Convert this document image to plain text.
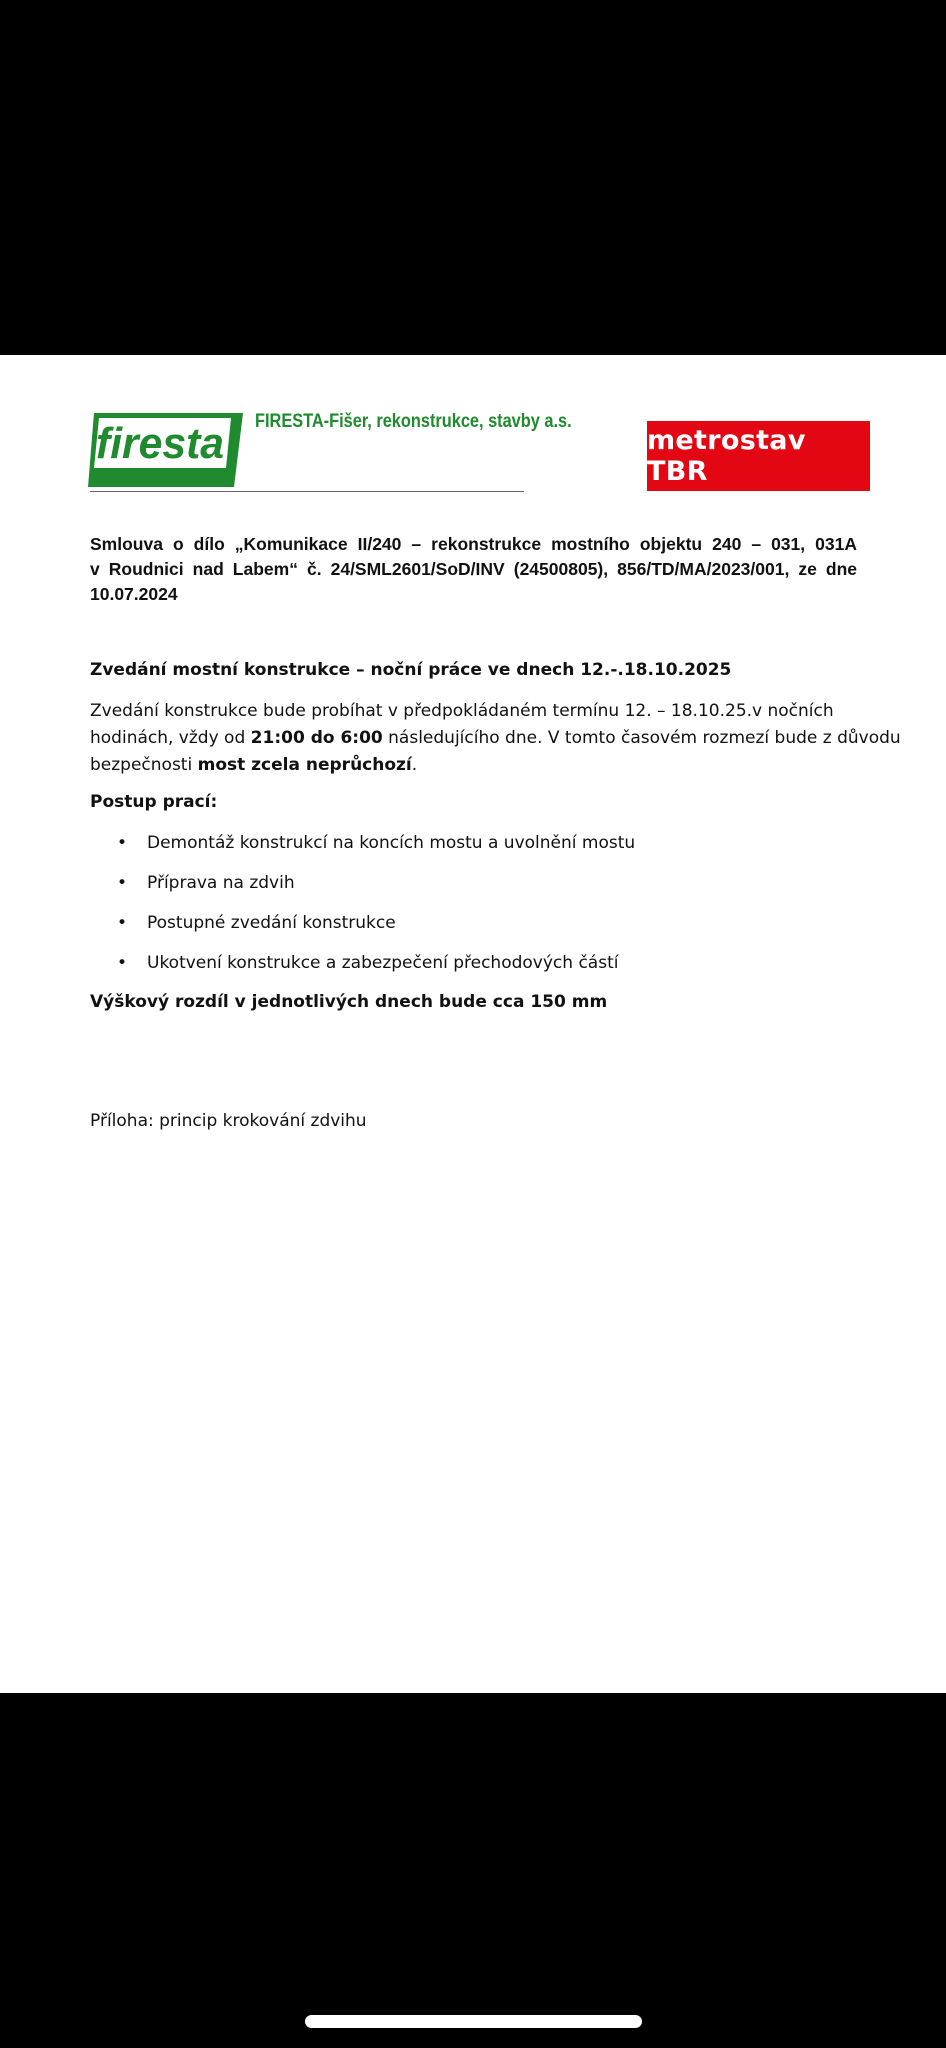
firesta FIRESTA-Fišer, rekonstrukce, stavby a.s.
metrostav TBR
Smlouva o dílo „Komunikace II/240 – rekonstrukce mostního objektu 240 – 031, 031A
v Roudnici nad Labem“ č. 24/SML2601/SoD/INV (24500805), 856/TD/MA/2023/001, ze dne
10.07.2024
Zvedání mostní konstrukce – noční práce ve dnech 12.-.18.10.2025
Zvedání konstrukce bude probíhat v předpokládaném termínu 12. – 18.10.25.v nočních
hodinách, vždy od 21:00 do 6:00 následujícího dne. V tomto časovém rozmezí bude z důvodu
bezpečnosti most zcela neprůchozí.
Postup prací:
• Demontáž konstrukcí na koncích mostu a uvolnění mostu
• Příprava na zdvih
• Postupné zvedání konstrukce
• Ukotvení konstrukce a zabezpečení přechodových částí
Výškový rozdíl v jednotlivých dnech bude cca 150 mm
Příloha: princip krokování zdvihu
